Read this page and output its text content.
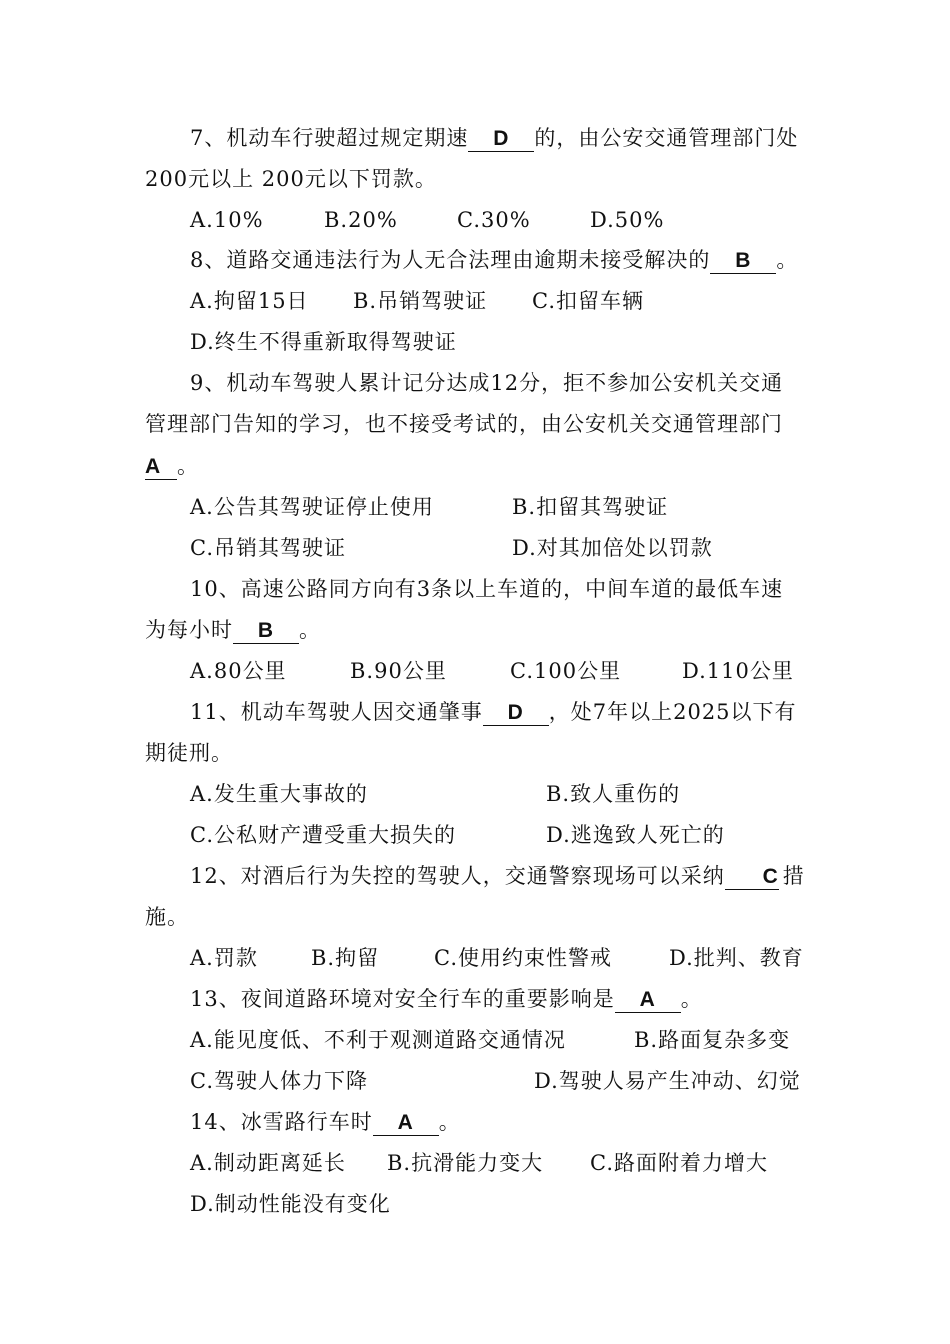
7、机动车行驶超过规定期速 D 的，由公安交通管理部门处
200元以上 200元以下罚款。
A.10%	B.20%	C.30%	D.50%
8、道路交通违法行为人无合法理由逾期未接受解决的 B 。
A.拘留15日 B.吊销驾驶证 C.扣留车辆
D.终生不得重新取得驾驶证
9、机动车驾驶人累计记分达成12分，拒不参加公安机关交通
管理部门告知的学习，也不接受考试的，由公安机关交通管理部门
A 。
A.公告其驾驶证停止使用	B.扣留其驾驶证
C.吊销其驾驶证	D.对其加倍处以罚款
10、高速公路同方向有3条以上车道的，中间车道的最低车速
为每小时 B 。
A.80公里	B.90公里	C.100公里	D.110公里
11、机动车驾驶人因交通肇事 D ，处7年以上2025以下有
期徒刑。
A.发生重大事故的	B.致人重伤的
C.公私财产遭受重大损失的	D.逃逸致人死亡的
12、对酒后行为失控的驾驶人，交通警察现场可以采纳 C 措
施。
A.罚款	B.拘留	C.使用约束性警戒	D.批判、教育
13、夜间道路环境对安全行车的重要影响是 A 。
A.能见度低、不利于观测道路交通情况	B.路面复杂多变
C.驾驶人体力下降	D.驾驶人易产生冲动、幻觉
14、冰雪路行车时 A 。
A.制动距离延长 B.抗滑能力变大 C.路面附着力增大
D.制动性能没有变化
